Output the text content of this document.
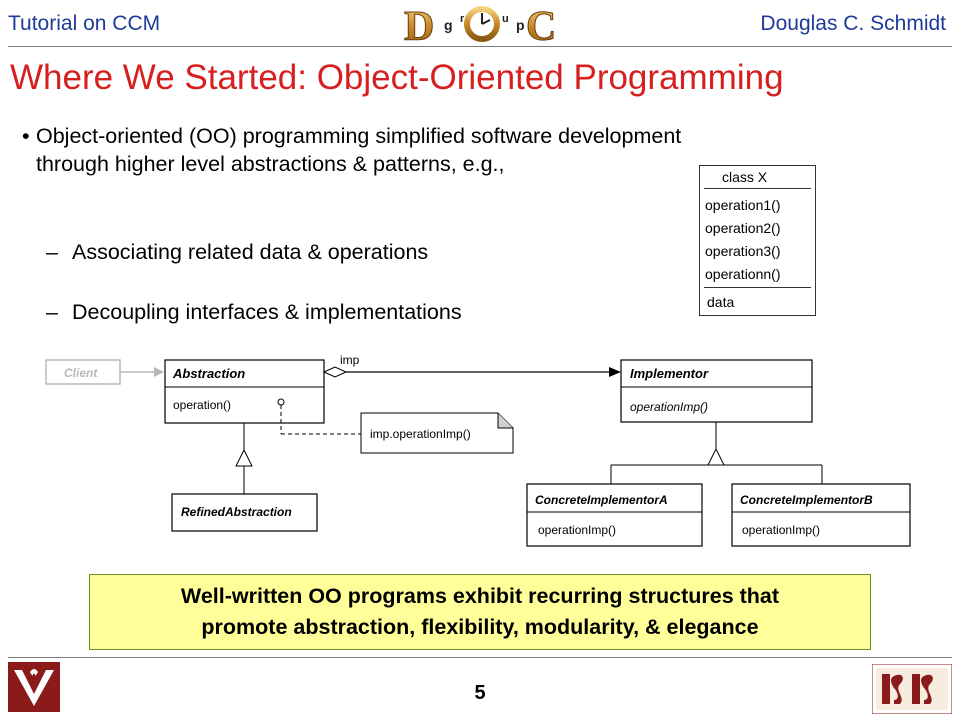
Tutorial on CCM	D g r	u p C	Douglas C. Schmidt
Where We Started: Object-Oriented Programming
• Object-oriented (OO) programming simplified software development through higher level abstractions & patterns, e.g.,
– Associating related data & operations
– Decoupling interfaces & implementations
class X
operation1()
operation2()
operation3()
operationn()
data
Client	Abstraction
operation()
imp
imp.operationImp()
Implementor
operationImp()
RefinedAbstraction
ConcreteImplementorA
operationImp()
ConcreteImplementorB
operationImp()
Well-written OO programs exhibit recurring structures that
promote abstraction, flexibility, modularity, & elegance
5
